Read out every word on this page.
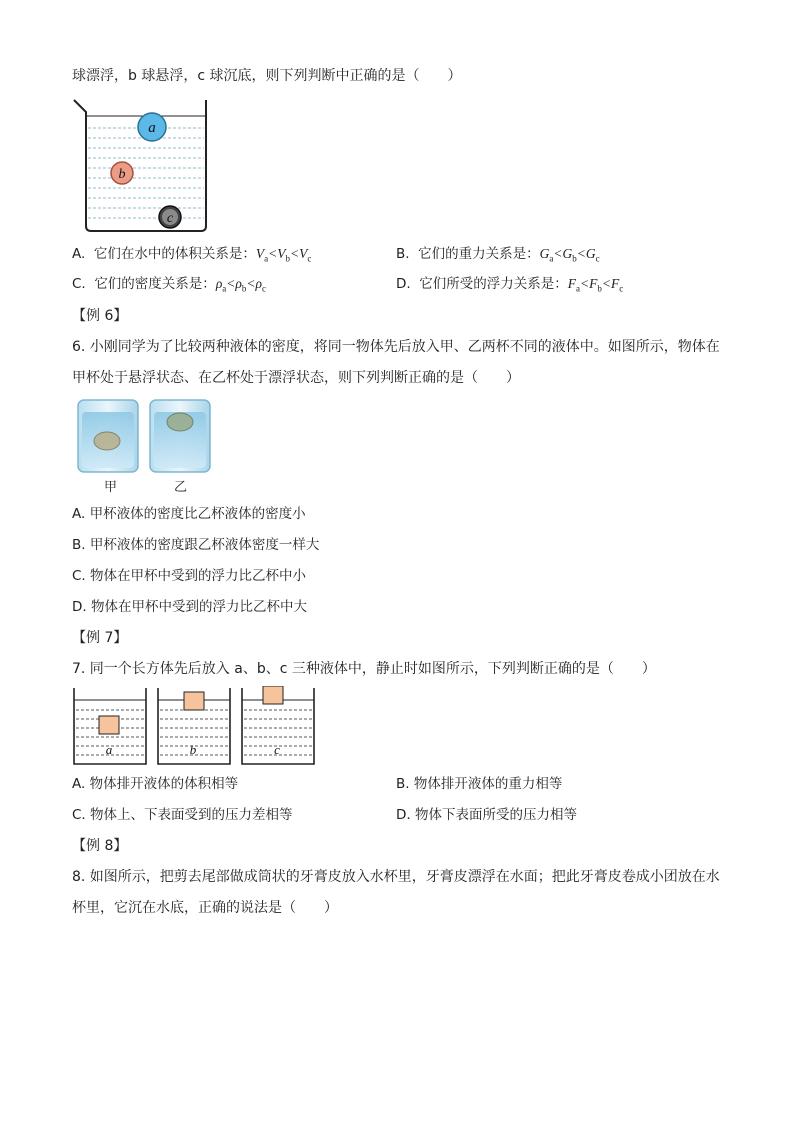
球漂浮，b 球悬浮，c 球沉底，则下列判断中正确的是（　　）
a
b
c
A. 它们在水中的体积关系是：$V_a<V_b<V_c$	B. 它们的重力关系是：$G_a<G_b<G_c$
C. 它们的密度关系是：$\rho_a<\rho_b<\rho_c$	D. 它们所受的浮力关系是：$F_a<F_b<F_c$
【例 6】
6. 小刚同学为了比较两种液体的密度，将同一物体先后放入甲、乙两杯不同的液体中。如图所示，物体在
甲杯处于悬浮状态、在乙杯处于漂浮状态，则下列判断正确的是（　　）
甲	乙
A. 甲杯液体的密度比乙杯液体的密度小
B. 甲杯液体的密度跟乙杯液体密度一样大
C. 物体在甲杯中受到的浮力比乙杯中小
D. 物体在甲杯中受到的浮力比乙杯中大
【例 7】
7. 同一个长方体先后放入 a、b、c 三种液体中，静止时如图所示，下列判断正确的是（　　）
a	b	c
A. 物体排开液体的体积相等	B. 物体排开液体的重力相等
C. 物体上、下表面受到的压力差相等	D. 物体下表面所受的压力相等
【例 8】
8. 如图所示，把剪去尾部做成筒状的牙膏皮放入水杯里，牙膏皮漂浮在水面；把此牙膏皮卷成小团放在水
杯里，它沉在水底，正确的说法是（　　）
